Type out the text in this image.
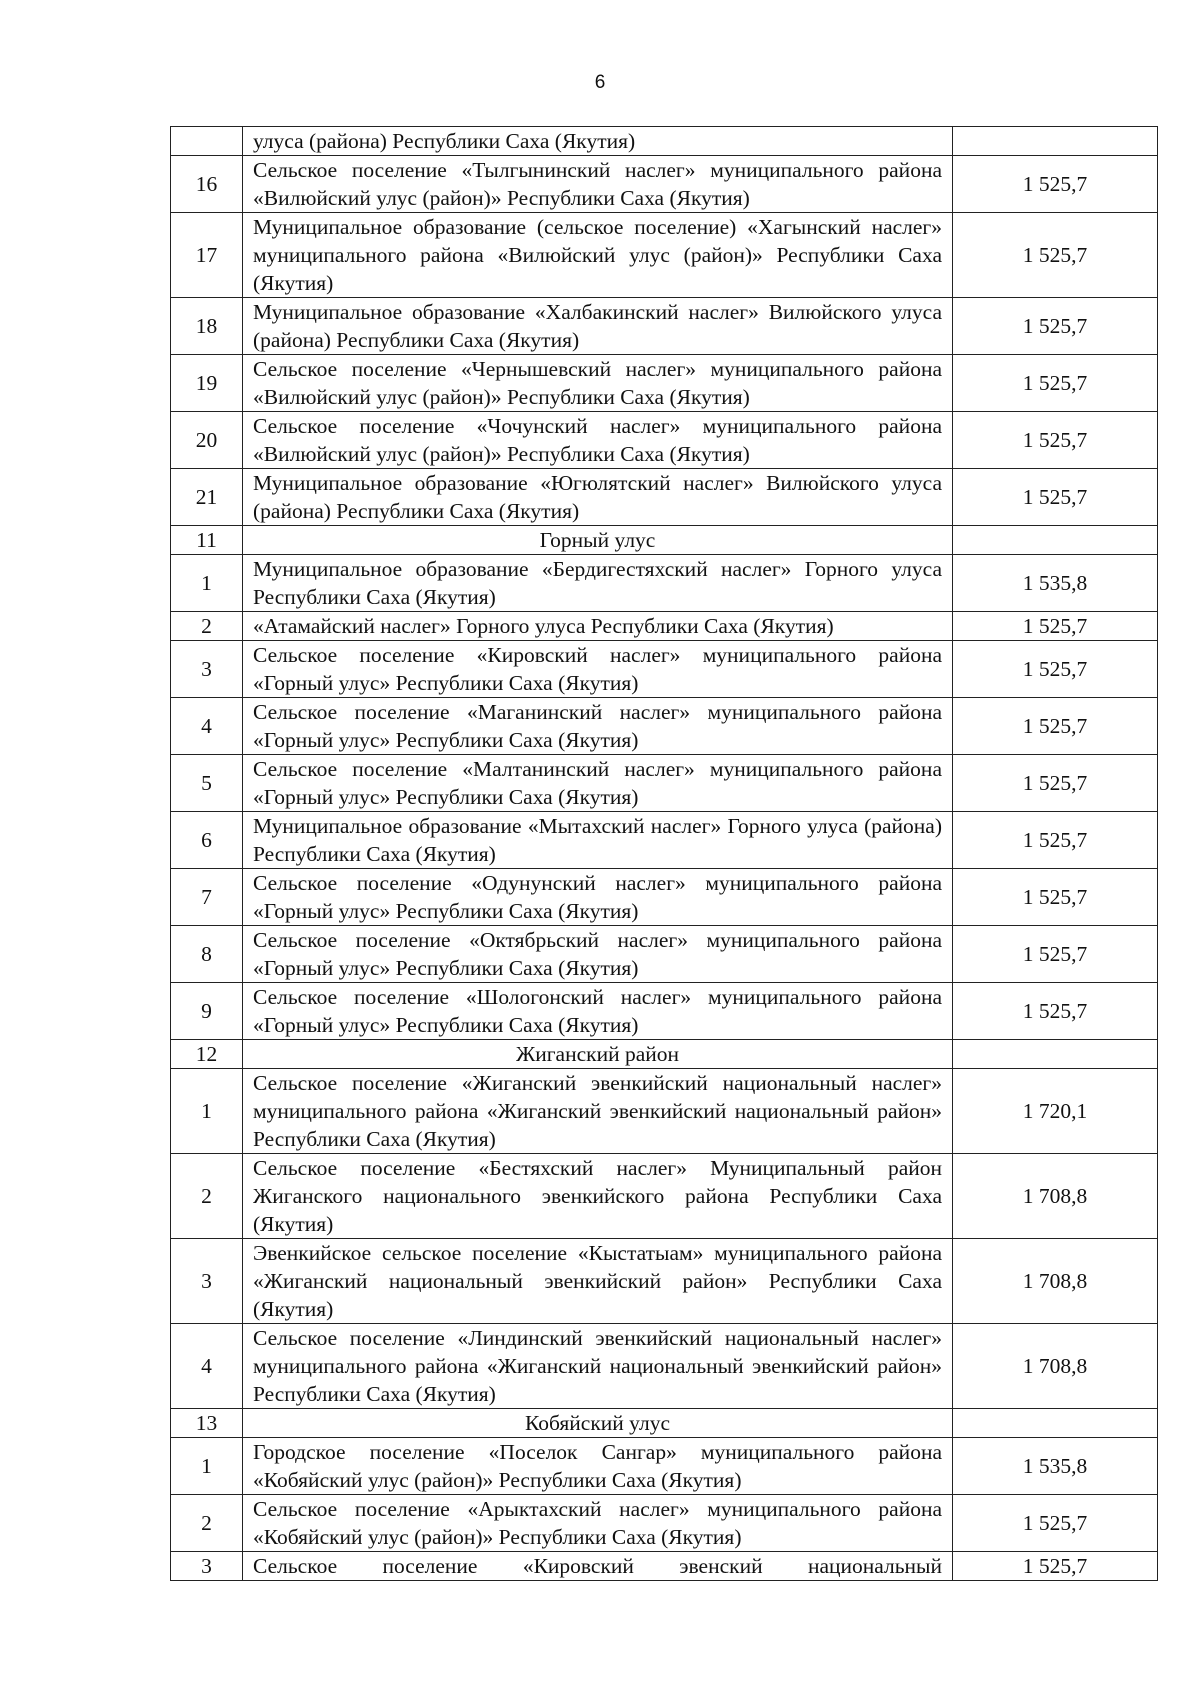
6
	улуса (района) Республики Саха (Якутия)	
16	Сельское поселение «Тылгынинский наслег» муниципального района «Вилюйский улус (район)» Республики Саха (Якутия)	1 525,7
17	Муниципальное образование (сельское поселение) «Хагынский наслег» муниципального района «Вилюйский улус (район)» Республики Саха (Якутия)	1 525,7
18	Муниципальное образование «Халбакинский наслег» Вилюйского улуса (района) Республики Саха (Якутия)	1 525,7
19	Сельское поселение «Чернышевский наслег» муниципального района «Вилюйский улус (район)» Республики Саха (Якутия)	1 525,7
20	Сельское поселение «Чочунский наслег» муниципального района «Вилюйский улус (район)» Республики Саха (Якутия)	1 525,7
21	Муниципальное образование «Югюлятский наслег» Вилюйского улуса (района) Республики Саха (Якутия)	1 525,7
11	Горный улус	
1	Муниципальное образование «Бердигестяхский наслег» Горного улуса Республики Саха (Якутия)	1 535,8
2	«Атамайский наслег» Горного улуса Республики Саха (Якутия)	1 525,7
3	Сельское поселение «Кировский наслег» муниципального района «Горный улус» Республики Саха (Якутия)	1 525,7
4	Сельское поселение «Маганинский наслег» муниципального района «Горный улус» Республики Саха (Якутия)	1 525,7
5	Сельское поселение «Малтанинский наслег» муниципального района «Горный улус» Республики Саха (Якутия)	1 525,7
6	Муниципальное образование «Мытахский наслег» Горного улуса (района) Республики Саха (Якутия)	1 525,7
7	Сельское поселение «Одунунский наслег» муниципального района «Горный улус» Республики Саха (Якутия)	1 525,7
8	Сельское поселение «Октябрьский наслег» муниципального района «Горный улус» Республики Саха (Якутия)	1 525,7
9	Сельское поселение «Шологонский наслег» муниципального района «Горный улус» Республики Саха (Якутия)	1 525,7
12	Жиганский район	
1	Сельское поселение «Жиганский эвенкийский национальный наслег» муниципального района «Жиганский эвенкийский национальный район» Республики Саха (Якутия)	1 720,1
2	Сельское поселение «Бестяхский наслег» Муниципальный район Жиганского национального эвенкийского района Республики Саха (Якутия)	1 708,8
3	Эвенкийское сельское поселение «Кыстатыам» муниципального района «Жиганский национальный эвенкийский район» Республики Саха (Якутия)	1 708,8
4	Сельское поселение «Линдинский эвенкийский национальный наслег» муниципального района «Жиганский национальный эвенкийский район» Республики Саха (Якутия)	1 708,8
13	Кобяйский улус	
1	Городское поселение «Поселок Сангар» муниципального района «Кобяйский улус (район)» Республики Саха (Якутия)	1 535,8
2	Сельское поселение «Арыктахский наслег» муниципального района «Кобяйский улус (район)» Республики Саха (Якутия)	1 525,7
3	Сельское поселение «Кировский эвенский национальный	1 525,7
